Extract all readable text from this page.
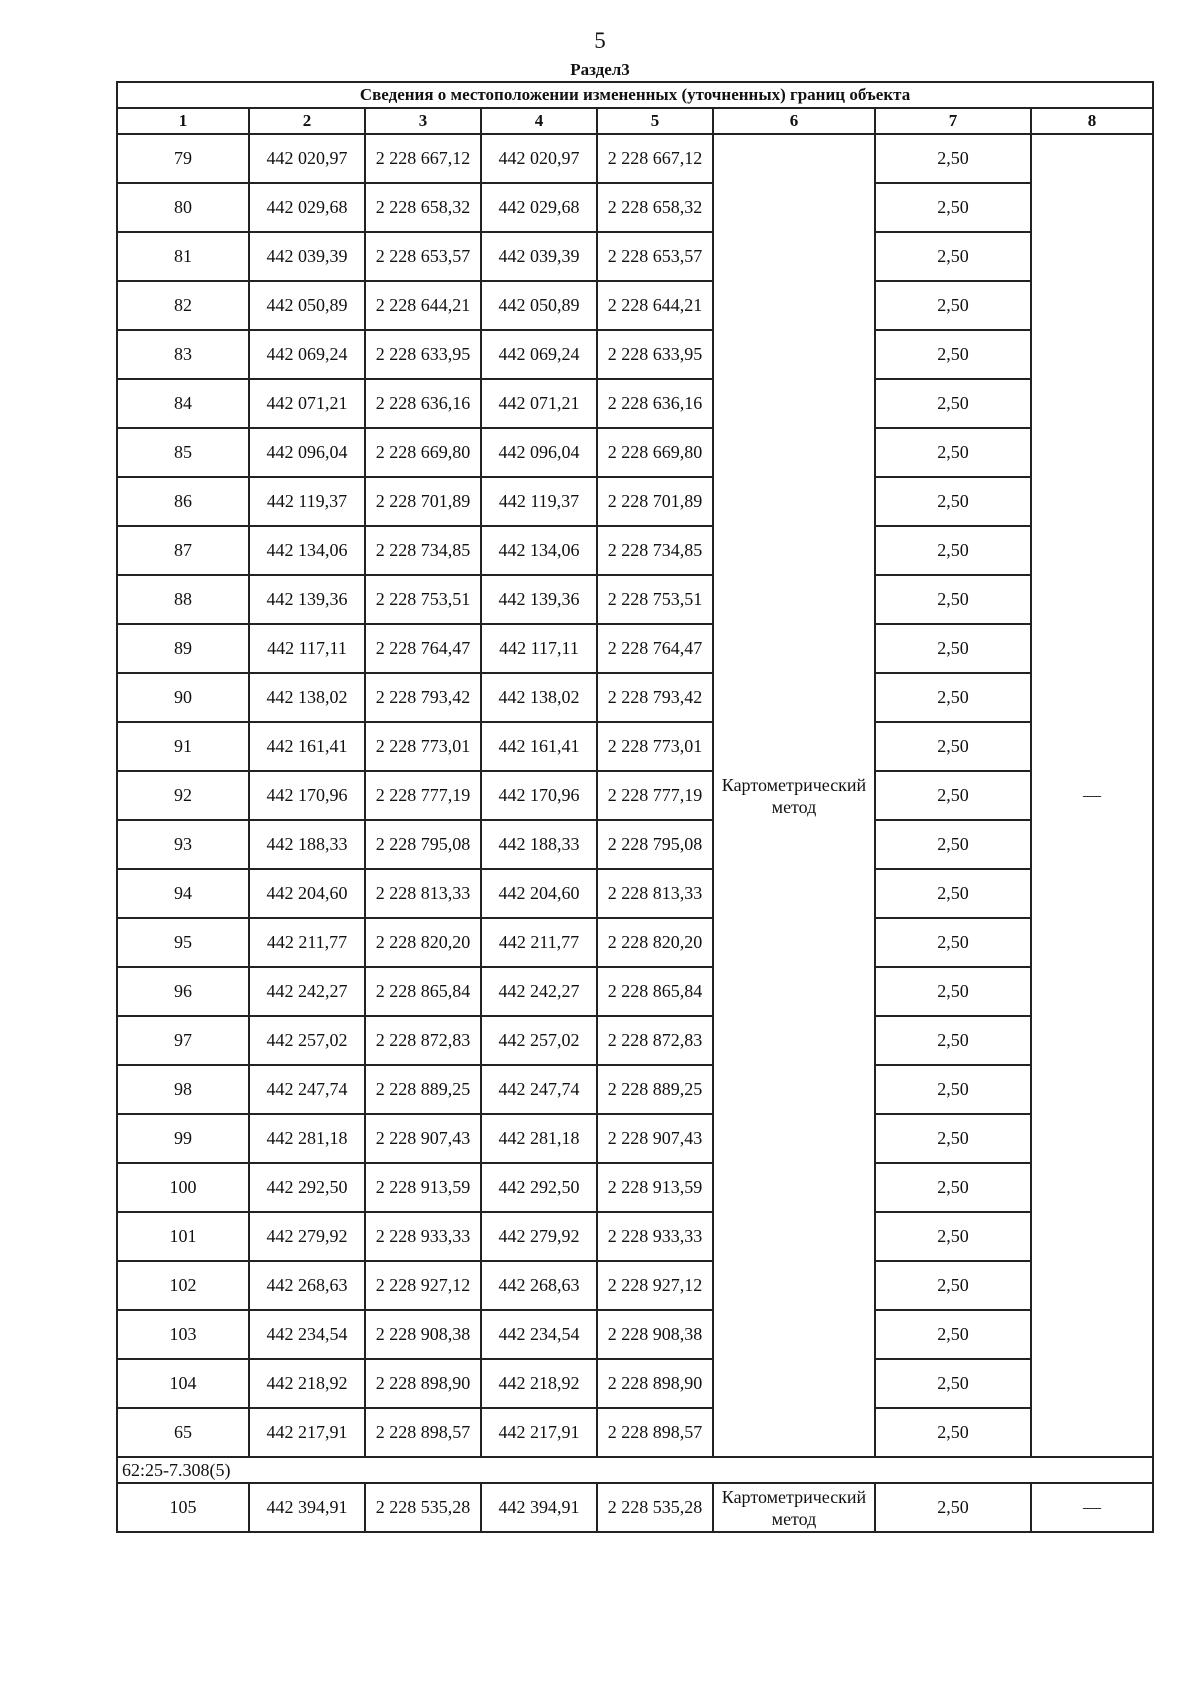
5
Раздел3
Сведения о местоположении измененных (уточненных) границ объекта							
1	2	3	4	5	6	7	8
79	442 020,97	2 228 667,12	442 020,97	2 228 667,12	Картометрический метод	2,50	—
80	442 029,68	2 228 658,32	442 029,68	2 228 658,32		2,50	
81	442 039,39	2 228 653,57	442 039,39	2 228 653,57		2,50	
82	442 050,89	2 228 644,21	442 050,89	2 228 644,21		2,50	
83	442 069,24	2 228 633,95	442 069,24	2 228 633,95		2,50	
84	442 071,21	2 228 636,16	442 071,21	2 228 636,16		2,50	
85	442 096,04	2 228 669,80	442 096,04	2 228 669,80		2,50	
86	442 119,37	2 228 701,89	442 119,37	2 228 701,89		2,50	
87	442 134,06	2 228 734,85	442 134,06	2 228 734,85		2,50	
88	442 139,36	2 228 753,51	442 139,36	2 228 753,51		2,50	
89	442 117,11	2 228 764,47	442 117,11	2 228 764,47		2,50	
90	442 138,02	2 228 793,42	442 138,02	2 228 793,42		2,50	
91	442 161,41	2 228 773,01	442 161,41	2 228 773,01		2,50	
92	442 170,96	2 228 777,19	442 170,96	2 228 777,19		2,50	
93	442 188,33	2 228 795,08	442 188,33	2 228 795,08		2,50	
94	442 204,60	2 228 813,33	442 204,60	2 228 813,33		2,50	
95	442 211,77	2 228 820,20	442 211,77	2 228 820,20		2,50	
96	442 242,27	2 228 865,84	442 242,27	2 228 865,84		2,50	
97	442 257,02	2 228 872,83	442 257,02	2 228 872,83		2,50	
98	442 247,74	2 228 889,25	442 247,74	2 228 889,25		2,50	
99	442 281,18	2 228 907,43	442 281,18	2 228 907,43		2,50	
100	442 292,50	2 228 913,59	442 292,50	2 228 913,59		2,50	
101	442 279,92	2 228 933,33	442 279,92	2 228 933,33		2,50	
102	442 268,63	2 228 927,12	442 268,63	2 228 927,12		2,50	
103	442 234,54	2 228 908,38	442 234,54	2 228 908,38		2,50	
104	442 218,92	2 228 898,90	442 218,92	2 228 898,90		2,50	
65	442 217,91	2 228 898,57	442 217,91	2 228 898,57		2,50	
62:25-7.308(5)							
105	442 394,91	2 228 535,28	442 394,91	2 228 535,28	Картометрический метод	2,50	—
